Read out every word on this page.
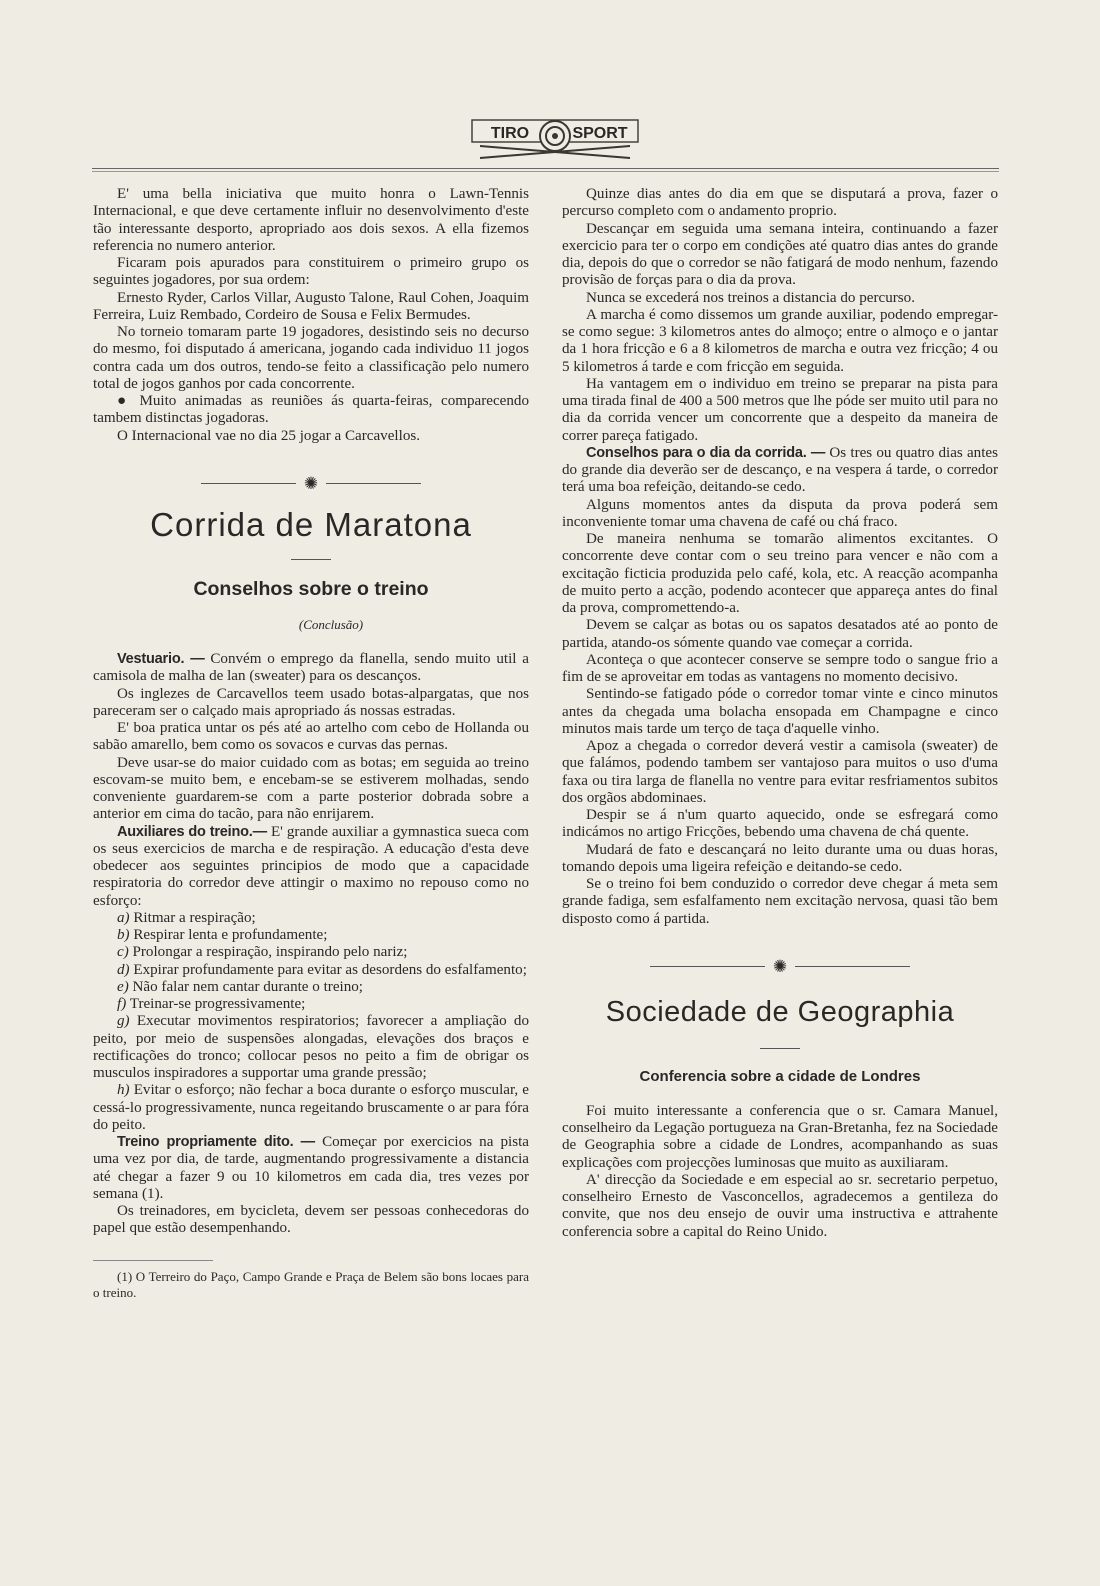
TIRO	SPORT

E' uma bella iniciativa que muito honra o Lawn-Tennis Internacional, e que deve certamente influir no desenvolvimento d'este tão interessante desporto, apropriado aos dois sexos. A ella fizemos referencia no numero anterior.

Ficaram pois apurados para constituirem o primeiro grupo os seguintes jogadores, por sua ordem:

Ernesto Ryder, Carlos Villar, Augusto Talone, Raul Cohen, Joaquim Ferreira, Luiz Rembado, Cordeiro de Sousa e Felix Bermudes.

No torneio tomaram parte 19 jogadores, desistindo seis no decurso do mesmo, foi disputado á americana, jogando cada individuo 11 jogos contra cada um dos outros, tendo-se feito a classificação pelo numero total de jogos ganhos por cada concorrente.

● Muito animadas as reuniões ás quarta-feiras, comparecendo tambem distinctas jogadoras.

O Internacional vae no dia 25 jogar a Carcavellos.

✺
Corrida de Maratona
Conselhos sobre o treino
(Conclusão)

Vestuario. — Convém o emprego da flanella, sendo muito util a camisola de malha de lan (sweater) para os descanços.

Os inglezes de Carcavellos teem usado botas-alpargatas, que nos pareceram ser o calçado mais apropriado ás nossas estradas.

E' boa pratica untar os pés até ao artelho com cebo de Hollanda ou sabão amarello, bem como os sovacos e curvas das pernas.

Deve usar-se do maior cuidado com as botas; em seguida ao treino escovam-se muito bem, e encebam-se se estiverem molhadas, sendo conveniente guardarem-se com a parte posterior dobrada sobre a anterior em cima do tacão, para não enrijarem.

Auxiliares do treino.— E' grande auxiliar a gymnastica sueca com os seus exercicios de marcha e de respiração. A educação d'esta deve obedecer aos seguintes principios de modo que a capacidade respiratoria do corredor deve attingir o maximo no repouso como no esforço:

a) Ritmar a respiração;

b) Respirar lenta e profundamente;

c) Prolongar a respiração, inspirando pelo nariz;

d) Expirar profundamente para evitar as desordens do esfalfamento;

e) Não falar nem cantar durante o treino;

f) Treinar-se progressivamente;

g) Executar movimentos respiratorios; favorecer a ampliação do peito, por meio de suspensões alongadas, elevações dos braços e rectificações do tronco; collocar pesos no peito a fim de obrigar os musculos inspiradores a supportar uma grande pressão;

h) Evitar o esforço; não fechar a boca durante o esforço muscular, e cessá-lo progressivamente, nunca regeitando bruscamente o ar para fóra do peito.

Treino propriamente dito. — Começar por exercicios na pista uma vez por dia, de tarde, augmentando progressivamente a distancia até chegar a fazer 9 ou 10 kilometros em cada dia, tres vezes por semana (1).

Os treinadores, em bycicleta, devem ser pessoas conhecedoras do papel que estão desempenhando.

(1) O Terreiro do Paço, Campo Grande e Praça de Belem são bons locaes para o treino.

Quinze dias antes do dia em que se disputará a prova, fazer o percurso completo com o andamento proprio.

Descançar em seguida uma semana inteira, continuando a fazer exercicio para ter o corpo em condições até quatro dias antes do grande dia, depois do que o corredor se não fatigará de modo nenhum, fazendo provisão de forças para o dia da prova.

Nunca se excederá nos treinos a distancia do percurso.

A marcha é como dissemos um grande auxiliar, podendo empregar-se como segue: 3 kilometros antes do almoço; entre o almoço e o jantar da 1 hora fricção e 6 a 8 kilometros de marcha e outra vez fricção; 4 ou 5 kilometros á tarde e com fricção em seguida.

Ha vantagem em o individuo em treino se preparar na pista para uma tirada final de 400 a 500 metros que lhe póde ser muito util para no dia da corrida vencer um concorrente que a despeito da maneira de correr pareça fatigado.

Conselhos para o dia da corrida. — Os tres ou quatro dias antes do grande dia deverão ser de descanço, e na vespera á tarde, o corredor terá uma boa refeição, deitando-se cedo.

Alguns momentos antes da disputa da prova poderá sem inconveniente tomar uma chavena de café ou chá fraco.

De maneira nenhuma se tomarão alimentos excitantes. O concorrente deve contar com o seu treino para vencer e não com a excitação ficticia produzida pelo café, kola, etc. A reacção acompanha de muito perto a acção, podendo acontecer que appareça antes do final da prova, compromettendo-a.

Devem se calçar as botas ou os sapatos desatados até ao ponto de partida, atando-os sómente quando vae começar a corrida.

Aconteça o que acontecer conserve se sempre todo o sangue frio a fim de se aproveitar em todas as vantagens no momento decisivo.

Sentindo-se fatigado póde o corredor tomar vinte e cinco minutos antes da chegada uma bolacha ensopada em Champagne e cinco minutos mais tarde um terço de taça d'aquelle vinho.

Apoz a chegada o corredor deverá vestir a camisola (sweater) de que falámos, podendo tambem ser vantajoso para muitos o uso d'uma faxa ou tira larga de flanella no ventre para evitar resfriamentos subitos dos orgãos abdominaes.

Despir se á n'um quarto aquecido, onde se esfregará como indicámos no artigo Fricções, bebendo uma chavena de chá quente.

Mudará de fato e descançará no leito durante uma ou duas horas, tomando depois uma ligeira refeição e deitando-se cedo.

Se o treino foi bem conduzido o corredor deve chegar á meta sem grande fadiga, sem esfalfamento nem excitação nervosa, quasi tão bem disposto como á partida.

✺
Sociedade de Geographia
Conferencia sobre a cidade de Londres

Foi muito interessante a conferencia que o sr. Camara Manuel, conselheiro da Legação portugueza na Gran-Bretanha, fez na Sociedade de Geographia sobre a cidade de Londres, acompanhando as suas explicações com projecções luminosas que muito as auxiliaram.

A' direcção da Sociedade e em especial ao sr. secretario perpetuo, conselheiro Ernesto de Vasconcellos, agradecemos a gentileza do convite, que nos deu ensejo de ouvir uma instructiva e attrahente conferencia sobre a capital do Reino Unido.
